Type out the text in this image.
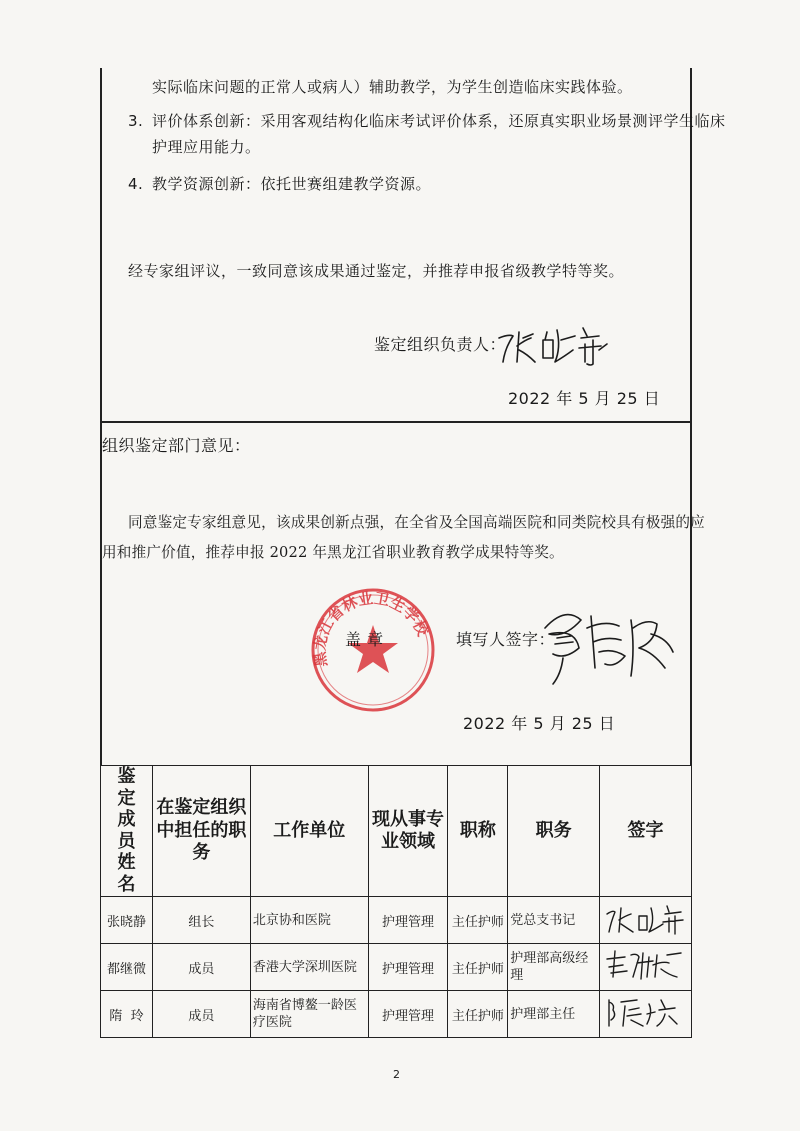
实际临床问题的正常人或病人）辅助教学，为学生创造临床实践体验。
3. 评价体系创新：采用客观结构化临床考试评价体系，还原真实职业场景测评学生临床
护理应用能力。
4. 教学资源创新：依托世赛组建教学资源。
经专家组评议，一致同意该成果通过鉴定，并推荐申报省级教学特等奖。
鉴定组织负责人：
2022 年 5 月 25 日
组织鉴定部门意见：
同意鉴定专家组意见，该成果创新点强，在全省及全国高端医院和同类院校具有极强的应
用和推广价值，推荐申报 2022 年黑龙江省职业教育教学成果特等奖。
黑龙江省林业卫生学校
盖 章	填写人签字：
2022 年 5 月 25 日
鉴定成员姓名	在鉴定组织中担任的职务	工作单位	现从事专业领域	职称	职务	签字
张晓静	组长	北京协和医院	护理管理	主任护师	党总支书记	
都继微	成员	香港大学深圳医院	护理管理	主任护师	护理部高级经理	
隋  玲	成员	海南省博鳌一龄医疗医院	护理管理	主任护师	护理部主任	
2
